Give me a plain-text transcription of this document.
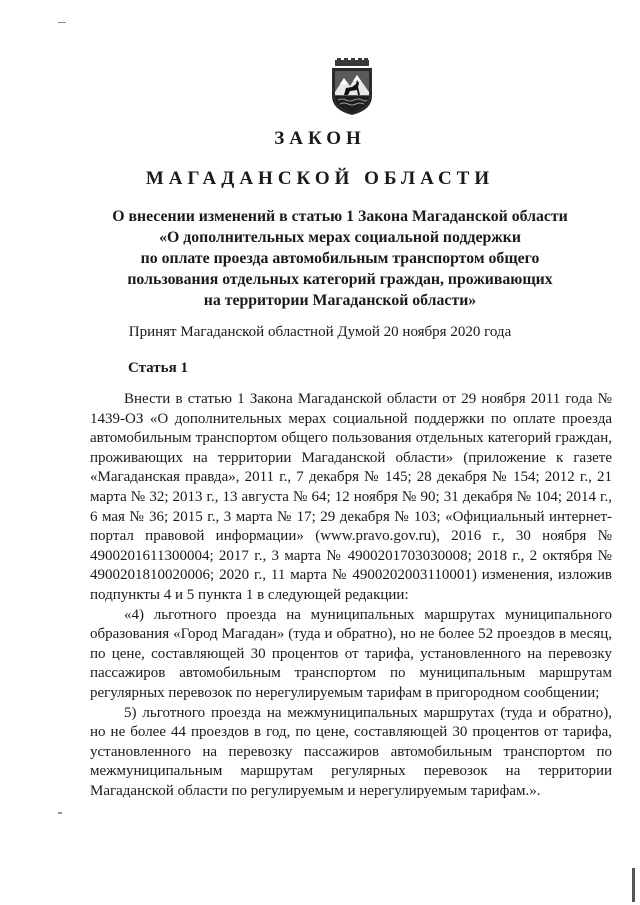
ЗАКОН
МАГАДАНСКОЙ ОБЛАСТИ
О внесении изменений в статью 1 Закона Магаданской области
«О дополнительных мерах социальной поддержки
по оплате проезда автомобильным транспортом общего
пользования отдельных категорий граждан, проживающих
на территории Магаданской области»
Принят Магаданской областной Думой 20 ноября 2020 года
Статья 1

Внести в статью 1 Закона Магаданской области от 29 ноября 2011 года № 1439-ОЗ «О дополнительных мерах социальной поддержки по оплате проезда автомобильным транспортом общего пользования отдельных категорий граждан, проживающих на территории Магаданской области» (приложение к газете «Магаданская правда», 2011 г., 7 декабря № 145; 28 декабря № 154; 2012 г., 21 марта № 32; 2013 г., 13 августа № 64; 12 ноября № 90; 31 декабря № 104; 2014 г., 6 мая № 36; 2015 г., 3 марта № 17; 29 декабря № 103; «Официальный интернет-портал правовой информации» (www.pravo.gov.ru), 2016 г., 30 ноября № 4900201611300004; 2017 г., 3 марта № 4900201703030008; 2018 г., 2 октября № 4900201810020006; 2020 г., 11 марта № 4900202003110001) изменения, изложив подпункты 4 и 5 пункта 1 в следующей редакции:

«4) льготного проезда на муниципальных маршрутах муниципального образования «Город Магадан» (туда и обратно), но не более 52 проездов в месяц, по цене, составляющей 30 процентов от тарифа, установленного на перевозку пассажиров автомобильным транспортом по муниципальным маршрутам регулярных перевозок по нерегулируемым тарифам в пригородном сообщении;

5) льготного проезда на межмуниципальных маршрутах (туда и обратно), но не более 44 проездов в год, по цене, составляющей 30 процентов от тарифа, установленного на перевозку пассажиров автомобильным транспортом по межмуниципальным маршрутам регулярных перевозок на территории Магаданской области по регулируемым и нерегулируемым тарифам.».
